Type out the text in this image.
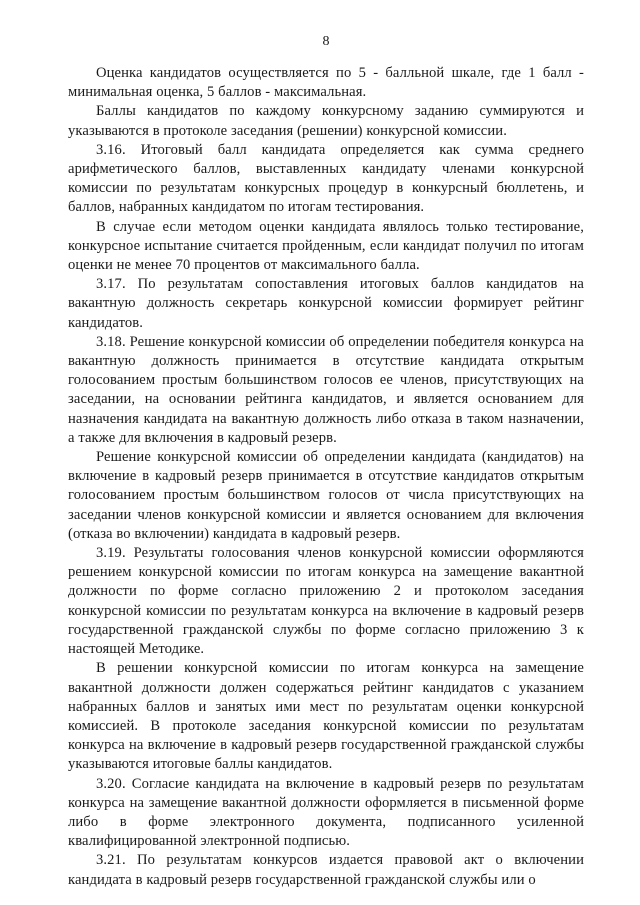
8

Оценка кандидатов осуществляется по 5 - балльной шкале, где 1 балл - минимальная оценка, 5 баллов - максимальная.

Баллы кандидатов по каждому конкурсному заданию суммируются и указываются в протоколе заседания (решении) конкурсной комиссии.

3.16. Итоговый балл кандидата определяется как сумма среднего арифметического баллов, выставленных кандидату членами конкурсной комиссии по результатам конкурсных процедур в конкурсный бюллетень, и баллов, набранных кандидатом по итогам тестирования.

В случае если методом оценки кандидата являлось только тестирование, конкурсное испытание считается пройденным, если кандидат получил по итогам оценки не менее 70 процентов от максимального балла.

3.17. По результатам сопоставления итоговых баллов кандидатов на вакантную должность секретарь конкурсной комиссии формирует рейтинг кандидатов.

3.18. Решение конкурсной комиссии об определении победителя конкурса на вакантную должность принимается в отсутствие кандидата открытым голосованием простым большинством голосов ее членов, присутствующих на заседании, на основании рейтинга кандидатов, и является основанием для назначения кандидата на вакантную должность либо отказа в таком назначении, а также для включения в кадровый резерв.

Решение конкурсной комиссии об определении кандидата (кандидатов) на включение в кадровый резерв принимается в отсутствие кандидатов открытым голосованием простым большинством голосов от числа присутствующих на заседании членов конкурсной комиссии и является основанием для включения (отказа во включении) кандидата в кадровый резерв.

3.19. Результаты голосования членов конкурсной комиссии оформляются решением конкурсной комиссии по итогам конкурса на замещение вакантной должности по форме согласно приложению 2 и протоколом заседания конкурсной комиссии по результатам конкурса на включение в кадровый резерв государственной гражданской службы по форме согласно приложению 3 к настоящей Методике.

В решении конкурсной комиссии по итогам конкурса на замещение вакантной должности должен содержаться рейтинг кандидатов с указанием набранных баллов и занятых ими мест по результатам оценки конкурсной комиссией. В протоколе заседания конкурсной комиссии по результатам конкурса на включение в кадровый резерв государственной гражданской службы указываются итоговые баллы кандидатов.

3.20. Согласие кандидата на включение в кадровый резерв по результатам конкурса на замещение вакантной должности оформляется в письменной форме либо в форме электронного документа, подписанного усиленной квалифицированной электронной подписью.

3.21. По результатам конкурсов издается правовой акт о включении кандидата в кадровый резерв государственной гражданской службы или о
